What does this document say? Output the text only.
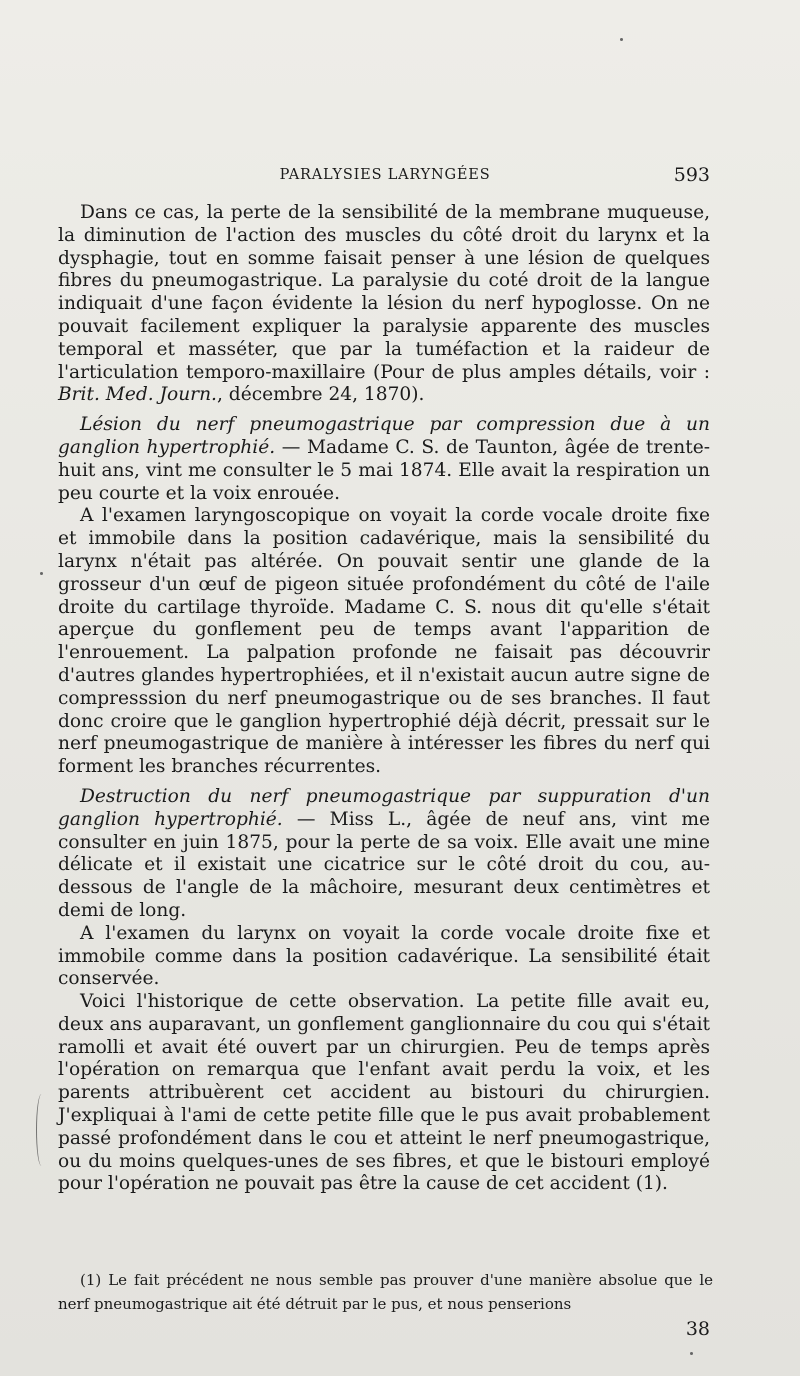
PARALYSIES LARYNGÉES	593

Dans ce cas, la perte de la sensibilité de la membrane muqueuse, la diminution de l'action des muscles du côté droit du larynx et la dysphagie, tout en somme faisait penser à une lésion de quelques fibres du pneumogastrique. La paralysie du coté droit de la langue indiquait d'une façon évidente la lésion du nerf hypoglosse. On ne pouvait facilement expliquer la paralysie apparente des muscles temporal et masséter, que par la tuméfaction et la raideur de l'articulation temporo-maxillaire (Pour de plus amples détails, voir : Brit. Med. Journ., décembre 24, 1870).

Lésion du nerf pneumogastrique par compression due à un ganglion hypertrophié. — Madame C. S. de Taunton, âgée de trente-huit ans, vint me consulter le 5 mai 1874. Elle avait la respiration un peu courte et la voix enrouée.

A l'examen laryngoscopique on voyait la corde vocale droite fixe et immobile dans la position cadavérique, mais la sensibilité du larynx n'était pas altérée. On pouvait sentir une glande de la grosseur d'un œuf de pigeon située profondément du côté de l'aile droite du cartilage thyroïde. Madame C. S. nous dit qu'elle s'était aperçue du gonflement peu de temps avant l'apparition de l'enrouement. La palpation profonde ne faisait pas découvrir d'autres glandes hypertrophiées, et il n'existait aucun autre signe de compresssion du nerf pneumogastrique ou de ses branches. Il faut donc croire que le ganglion hypertrophié déjà décrit, pressait sur le nerf pneumogastrique de manière à intéresser les fibres du nerf qui forment les branches récurrentes.

Destruction du nerf pneumogastrique par suppuration d'un ganglion hypertrophié. — Miss L., âgée de neuf ans, vint me consulter en juin 1875, pour la perte de sa voix. Elle avait une mine délicate et il existait une cicatrice sur le côté droit du cou, au-dessous de l'angle de la mâchoire, mesurant deux centimètres et demi de long.

A l'examen du larynx on voyait la corde vocale droite fixe et immobile comme dans la position cadavérique. La sensibilité était conservée.

Voici l'historique de cette observation. La petite fille avait eu, deux ans auparavant, un gonflement ganglionnaire du cou qui s'était ramolli et avait été ouvert par un chirurgien. Peu de temps après l'opération on remarqua que l'enfant avait perdu la voix, et les parents attribuèrent cet accident au bistouri du chirurgien. J'expliquai à l'ami de cette petite fille que le pus avait probablement passé profondément dans le cou et atteint le nerf pneumogastrique, ou du moins quelques-unes de ses fibres, et que le bistouri employé pour l'opération ne pouvait pas être la cause de cet accident (1).

(1) Le fait précédent ne nous semble pas prouver d'une manière absolue que le nerf pneumogastrique ait été détruit par le pus, et nous penserions

38
